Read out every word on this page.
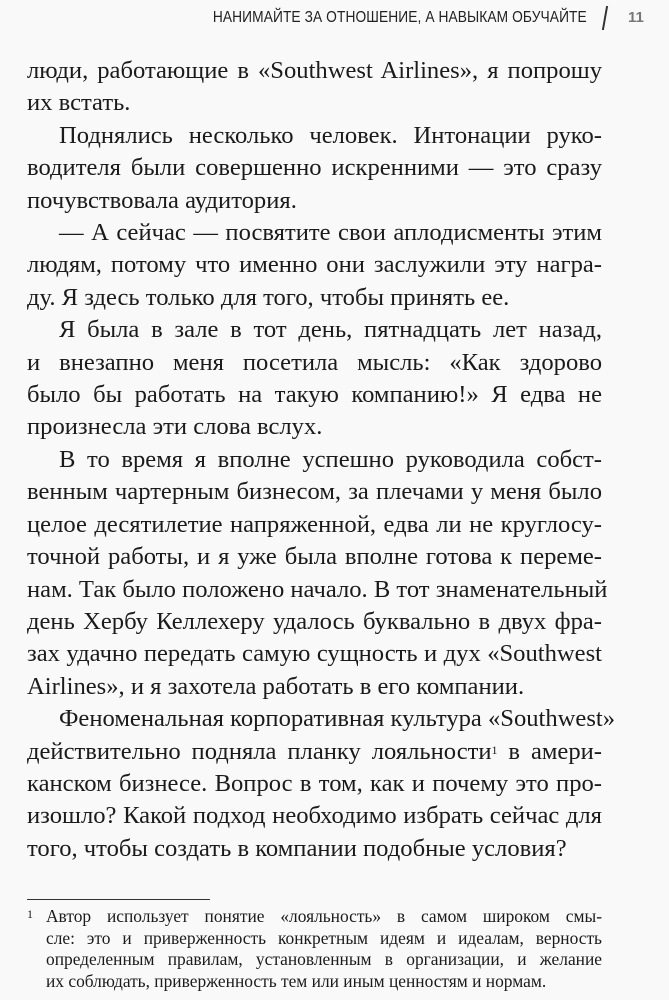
НАНИМАЙТЕ ЗА ОТНОШЕНИЕ, А НАВЫКАМ ОБУЧАЙТЕ	11

люди, работающие в «Southwest Airlines», я попрошу
их встать.

Поднялись несколько человек. Интонации руко-
водителя были совершенно искренними — это сразу
почувствовала аудитория.

— А сейчас — посвятите свои аплодисменты этим
людям, потому что именно они заслужили эту награ-
ду. Я здесь только для того, чтобы принять ее.

Я была в зале в тот день, пятнадцать лет назад,
и внезапно меня посетила мысль: «Как здорово
было бы работать на такую компанию!» Я едва не
произнесла эти слова вслух.

В то время я вполне успешно руководила собст-
венным чартерным бизнесом, за плечами у меня было
целое десятилетие напряженной, едва ли не круглосу-
точной работы, и я уже была вполне готова к переме-
нам. Так было положено начало. В тот знаменательный
день Хербу Келлехеру удалось буквально в двух фра-
зах удачно передать самую сущность и дух «Southwest
Airlines», и я захотела работать в его компании.

Феноменальная корпоративная культура «Southwest»
действительно подняла планку лояльности$^1$ в амери-
канском бизнесе. Вопрос в том, как и почему это про-
изошло? Какой подход необходимо избрать сейчас для
того, чтобы создать в компании подобные условия?

1 Автор использует понятие «лояльность» в самом широком смы-
сле: это и приверженность конкретным идеям и идеалам, верность
определенным правилам, установленным в организации, и желание
их соблюдать, приверженность тем или иным ценностям и нормам.
